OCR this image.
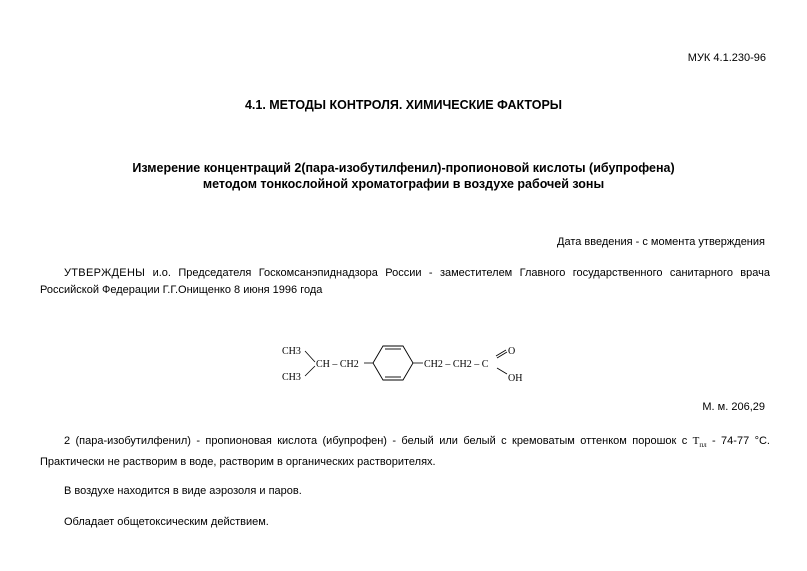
МУК 4.1.230-96
4.1. МЕТОДЫ КОНТРОЛЯ. ХИМИЧЕСКИЕ ФАКТОРЫ
Измерение концентраций 2(пара-изобутилфенил)-пропионовой кислоты (ибупрофена)
методом тонкослойной хроматографии в воздухе рабочей зоны
Дата введения - с момента утверждения
УТВЕРЖДЕНЫ и.о. Председателя Госкомсанэпиднадзора России - заместителем Главного государственного санитарного врача Российской Федерации Г.Г.Онищенко 8 июня 1996 года
CH3
CH3
CH – CH2	CH2 – CH2 – C
O
OH
М. м. 206,29
2 (пара-изобутилфенил) - пропионовая кислота (ибупрофен) - белый или белый с кремоватым оттенком порошок с $T_{пл} - 74-77$ °С. Практически не растворим в воде, растворим в органических растворителях.
В воздухе находится в виде аэрозоля и паров.
Обладает общетоксическим действием.
